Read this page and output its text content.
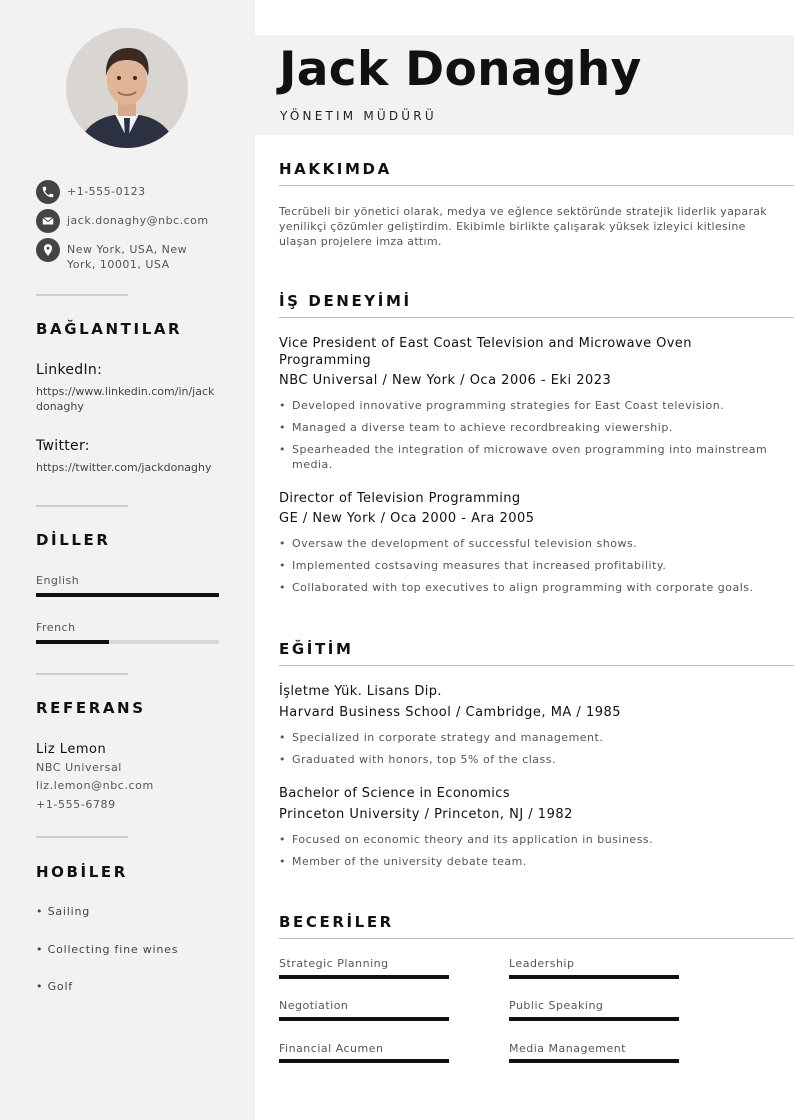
+1-555-0123
jack.donaghy@nbc.com
New York, USA, New York, 10001, USA
BAĞLANTILAR
LinkedIn:
https://www.linkedin.com/in/jackdonaghy
Twitter:
https://twitter.com/jackdonaghy
DİLLER
English
French
REFERANS
Liz Lemon
NBC Universal
liz.lemon@nbc.com
+1-555-6789
HOBİLER
• Sailing
• Collecting fine wines
• Golf
Jack Donaghy
YÖNETIM MÜDÜRÜ
HAKKIMDA
Tecrübeli bir yönetici olarak, medya ve eğlence sektöründe stratejik liderlik yaparak yenilikçi çözümler geliştirdim. Ekibimle birlikte çalışarak yüksek izleyici kitlesine ulaşan projelere imza attım.
İŞ DENEYİMİ
Vice President of East Coast Television and Microwave Oven Programming
NBC Universal / New York / Oca 2006 - Eki 2023
• Developed innovative programming strategies for East Coast television.
• Managed a diverse team to achieve recordbreaking viewership.
• Spearheaded the integration of microwave oven programming into mainstream media.
Director of Television Programming
GE / New York / Oca 2000 - Ara 2005
• Oversaw the development of successful television shows.
• Implemented costsaving measures that increased profitability.
• Collaborated with top executives to align programming with corporate goals.
EĞİTİM
İşletme Yük. Lisans Dip.
Harvard Business School / Cambridge, MA / 1985
• Specialized in corporate strategy and management.
• Graduated with honors, top 5% of the class.
Bachelor of Science in Economics
Princeton University / Princeton, NJ / 1982
• Focused on economic theory and its application in business.
• Member of the university debate team.
BECERİLER
Strategic Planning	Leadership
Negotiation	Public Speaking
Financial Acumen	Media Management
